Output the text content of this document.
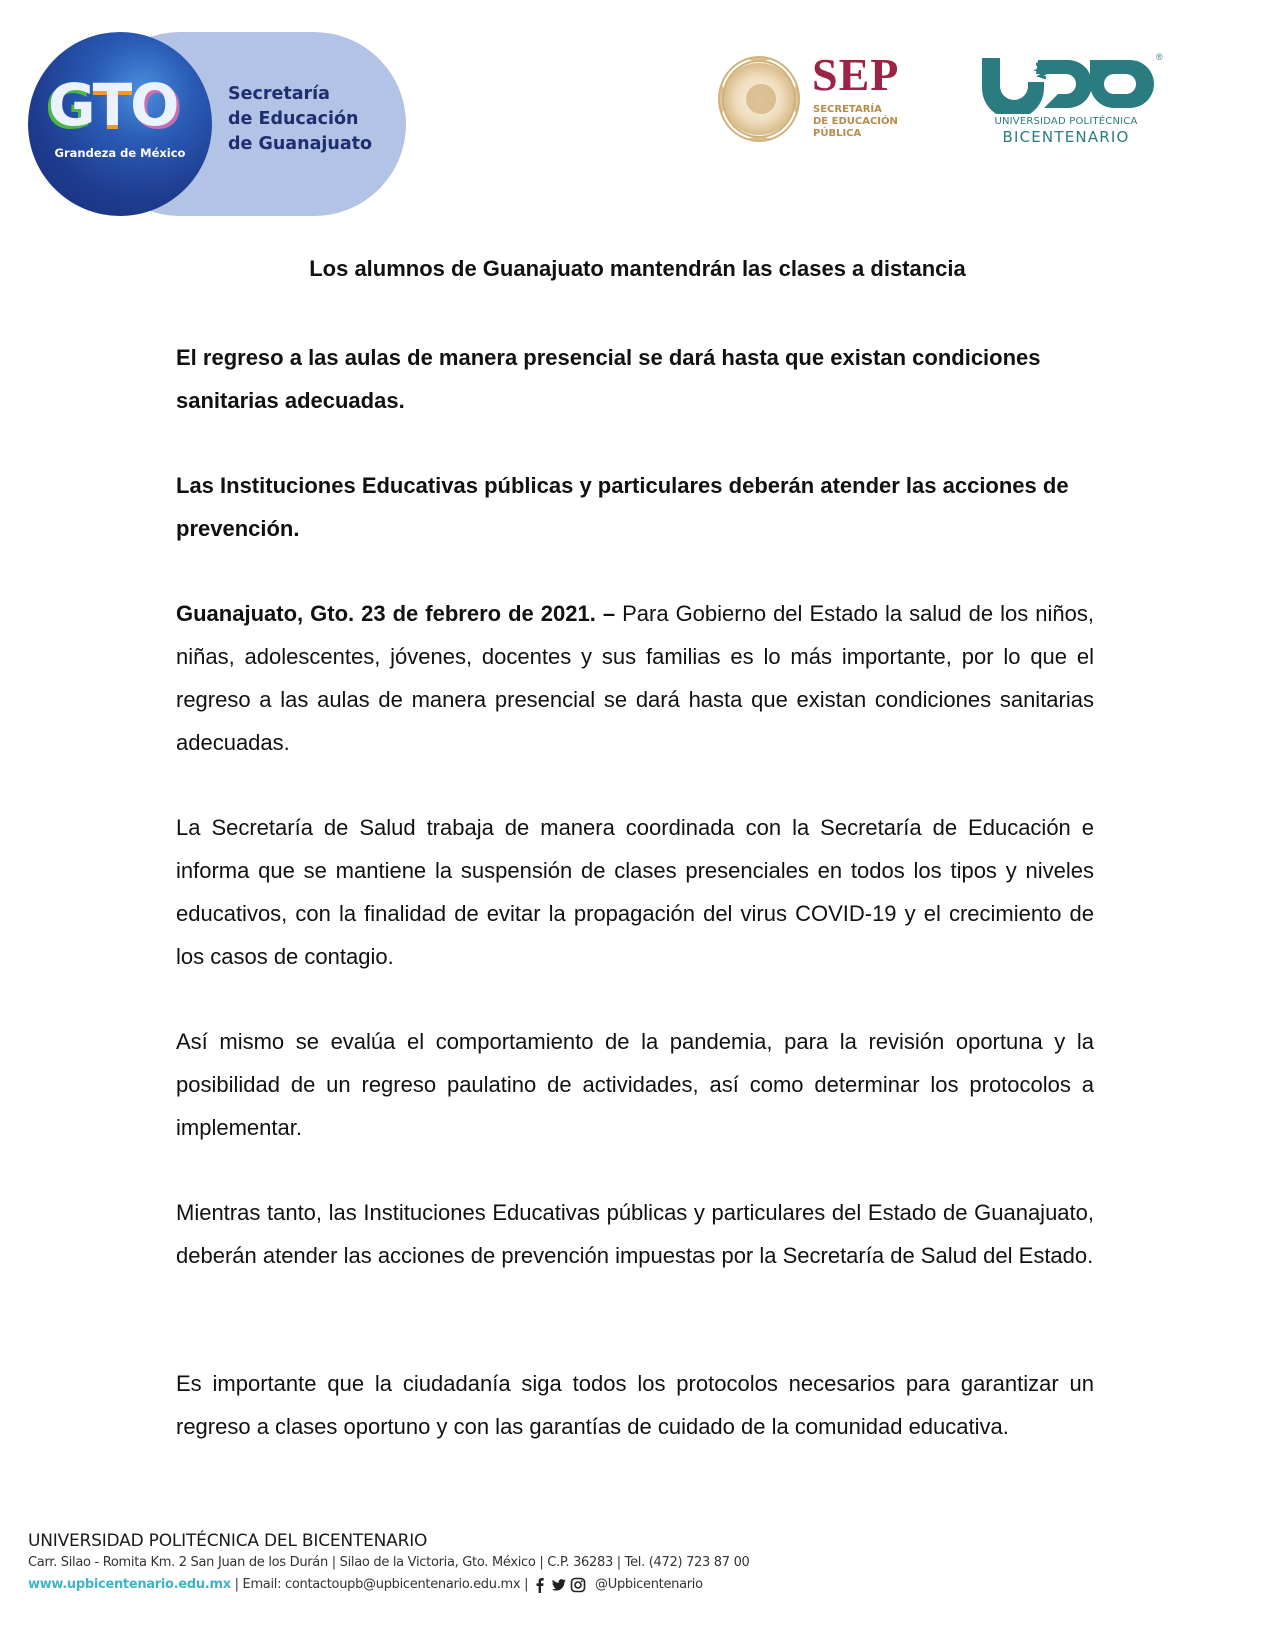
GTO
Grandeza de México
Secretaría
de Educación
de Guanajuato
SEP
SECRETARÍA
DE EDUCACIÓN
PÚBLICA
®
UNIVERSIDAD POLITÉCNICA
BICENTENARIO
Los alumnos de Guanajuato mantendrán las clases a distancia

El regreso a las aulas de manera presencial se dará hasta que existan condiciones sanitarias adecuadas.

Las Instituciones Educativas públicas y particulares deberán atender las acciones de prevención.

Guanajuato, Gto. 23 de febrero de 2021. – Para Gobierno del Estado la salud de los niños, niñas, adolescentes, jóvenes, docentes y sus familias es lo más importante, por lo que el regreso a las aulas de manera presencial se dará hasta que existan condiciones sanitarias adecuadas.

La Secretaría de Salud trabaja de manera coordinada con la Secretaría de Educación e informa que se mantiene la suspensión de clases presenciales en todos los tipos y niveles educativos, con la finalidad de evitar la propagación del virus COVID-19 y el crecimiento de los casos de contagio.

Así mismo se evalúa el comportamiento de la pandemia, para la revisión oportuna y la posibilidad de un regreso paulatino de actividades, así como determinar los protocolos a implementar.

Mientras tanto, las Instituciones Educativas públicas y particulares del Estado de Guanajuato, deberán atender las acciones de prevención impuestas por la Secretaría de Salud del Estado.

Es importante que la ciudadanía siga todos los protocolos necesarios para garantizar un regreso a clases oportuno y con las garantías de cuidado de la comunidad educativa.

UNIVERSIDAD POLITÉCNICA DEL BICENTENARIO
Carr. Silao - Romita Km. 2 San Juan de los Durán | Silao de la Victoria, Gto. México | C.P. 36283 | Tel. (472) 723 87 00
www.upbicentenario.edu.mx | Email: contactoupb@upbicentenario.edu.mx |	@Upbicentenario
